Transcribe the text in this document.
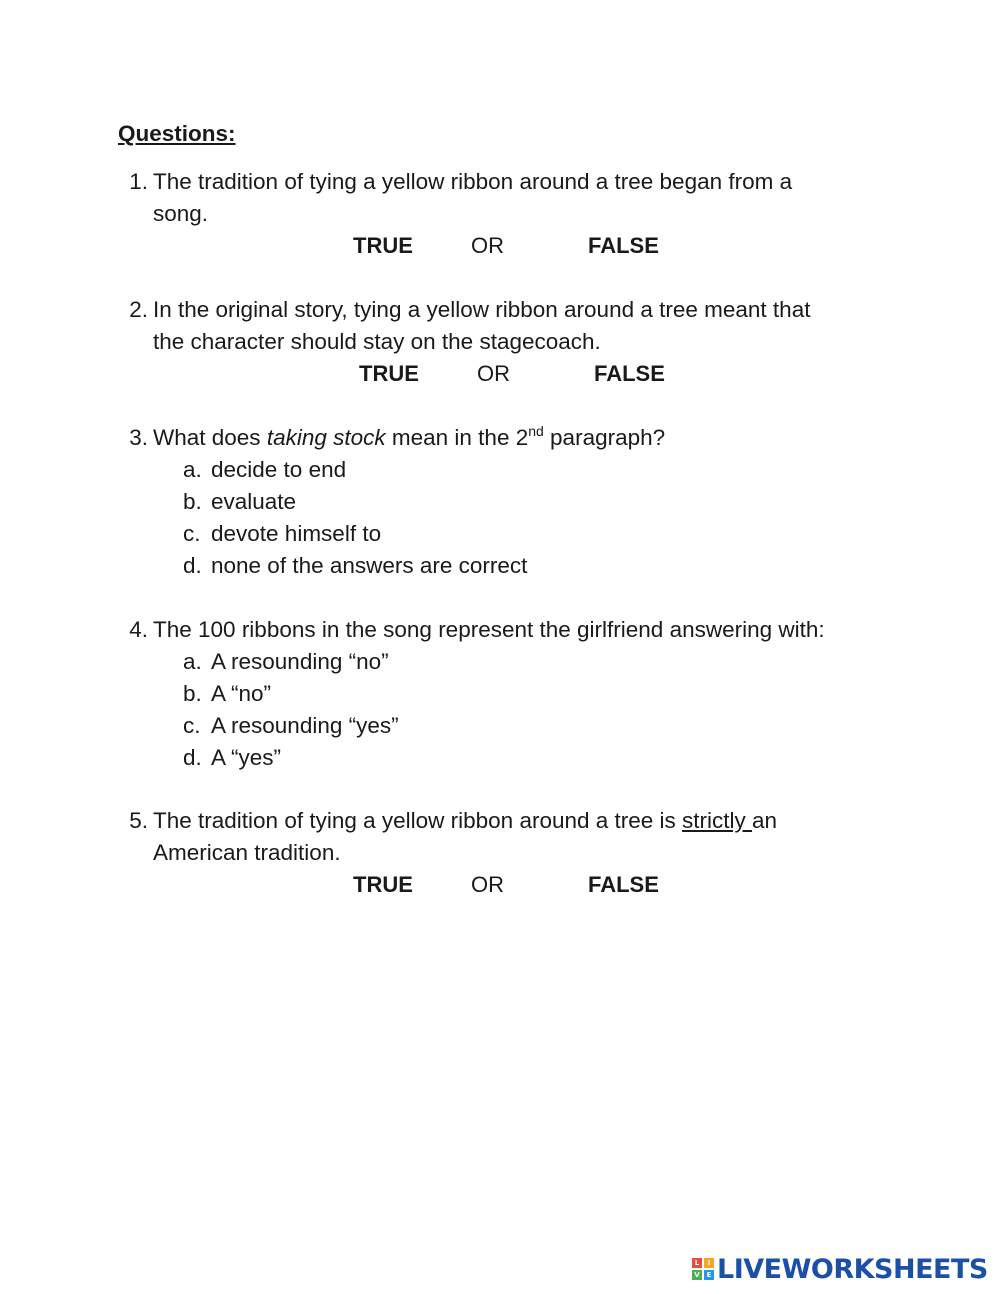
Questions:
1. The tradition of tying a yellow ribbon around a tree began from a
song.
TRUE	OR	FALSE
2. In the original story, tying a yellow ribbon around a tree meant that
the character should stay on the stagecoach.
TRUE	OR	FALSE
3. What does taking stock mean in the 2nd paragraph?
a. decide to end
b. evaluate
c. devote himself to
d. none of the answers are correct
4. The 100 ribbons in the song represent the girlfriend answering with:
a. A resounding “no”
b. A “no”
c. A resounding “yes”
d. A “yes”
5. The tradition of tying a yellow ribbon around a tree is strictly an
American tradition.
TRUE	OR	FALSE
L	I
V E LIVEWORKSHEETS
